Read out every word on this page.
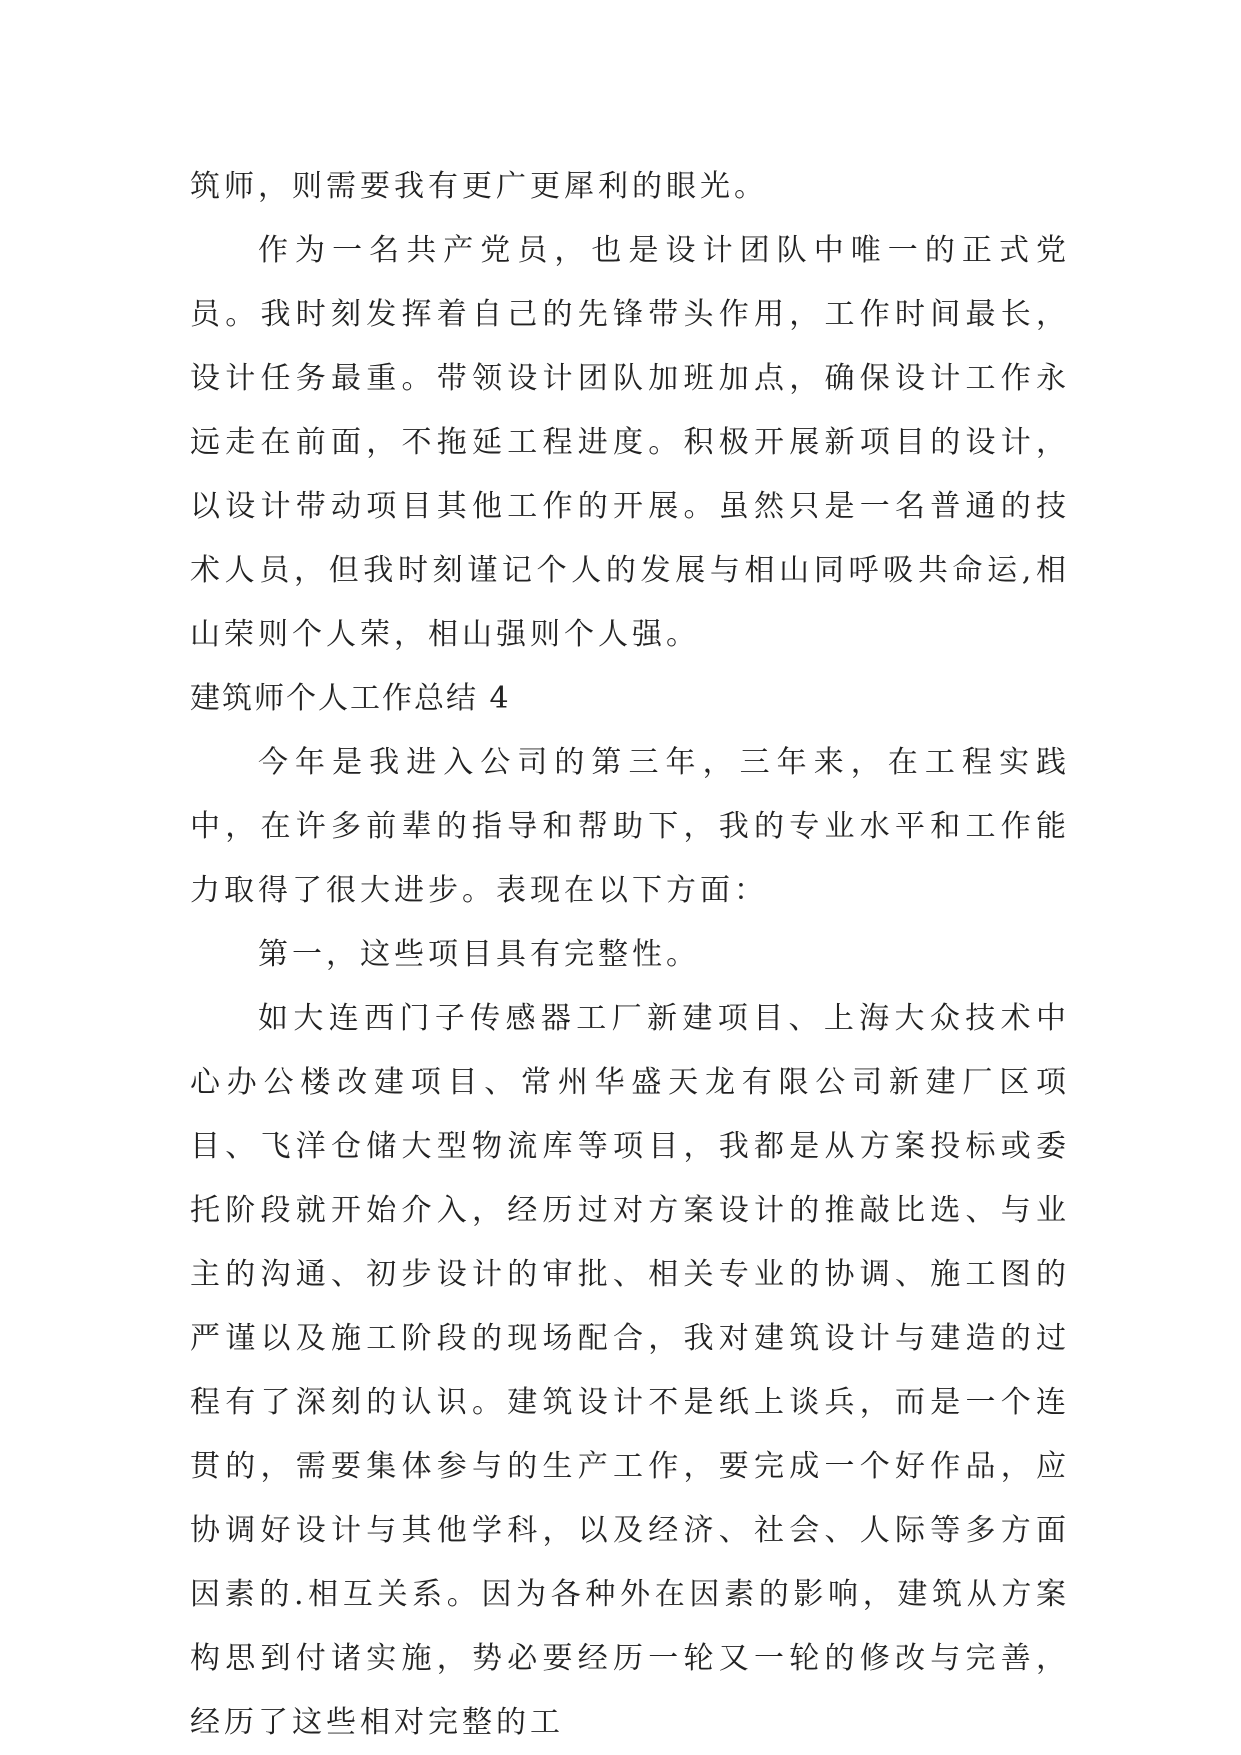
筑师，则需要我有更广更犀利的眼光。

作为一名共产党员，也是设计团队中唯一的正式党员。我时刻发挥着自己的先锋带头作用，工作时间最长，设计任务最重。带领设计团队加班加点，确保设计工作永远走在前面，不拖延工程进度。积极开展新项目的设计，以设计带动项目其他工作的开展。虽然只是一名普通的技术人员，但我时刻谨记个人的发展与相山同呼吸共命运,相山荣则个人荣，相山强则个人强。

建筑师个人工作总结 4

今年是我进入公司的第三年，三年来，在工程实践中，在许多前辈的指导和帮助下，我的专业水平和工作能力取得了很大进步。表现在以下方面：

第一，这些项目具有完整性。

如大连西门子传感器工厂新建项目、上海大众技术中心办公楼改建项目、常州华盛天龙有限公司新建厂区项目、飞洋仓储大型物流库等项目，我都是从方案投标或委托阶段就开始介入，经历过对方案设计的推敲比选、与业主的沟通、初步设计的审批、相关专业的协调、施工图的严谨以及施工阶段的现场配合，我对建筑设计与建造的过程有了深刻的认识。建筑设计不是纸上谈兵，而是一个连贯的，需要集体参与的生产工作，要完成一个好作品，应协调好设计与其他学科，以及经济、社会、人际等多方面因素的.相互关系。因为各种外在因素的影响，建筑从方案构思到付诸实施，势必要经历一轮又一轮的修改与完善，经历了这些相对完整的工
